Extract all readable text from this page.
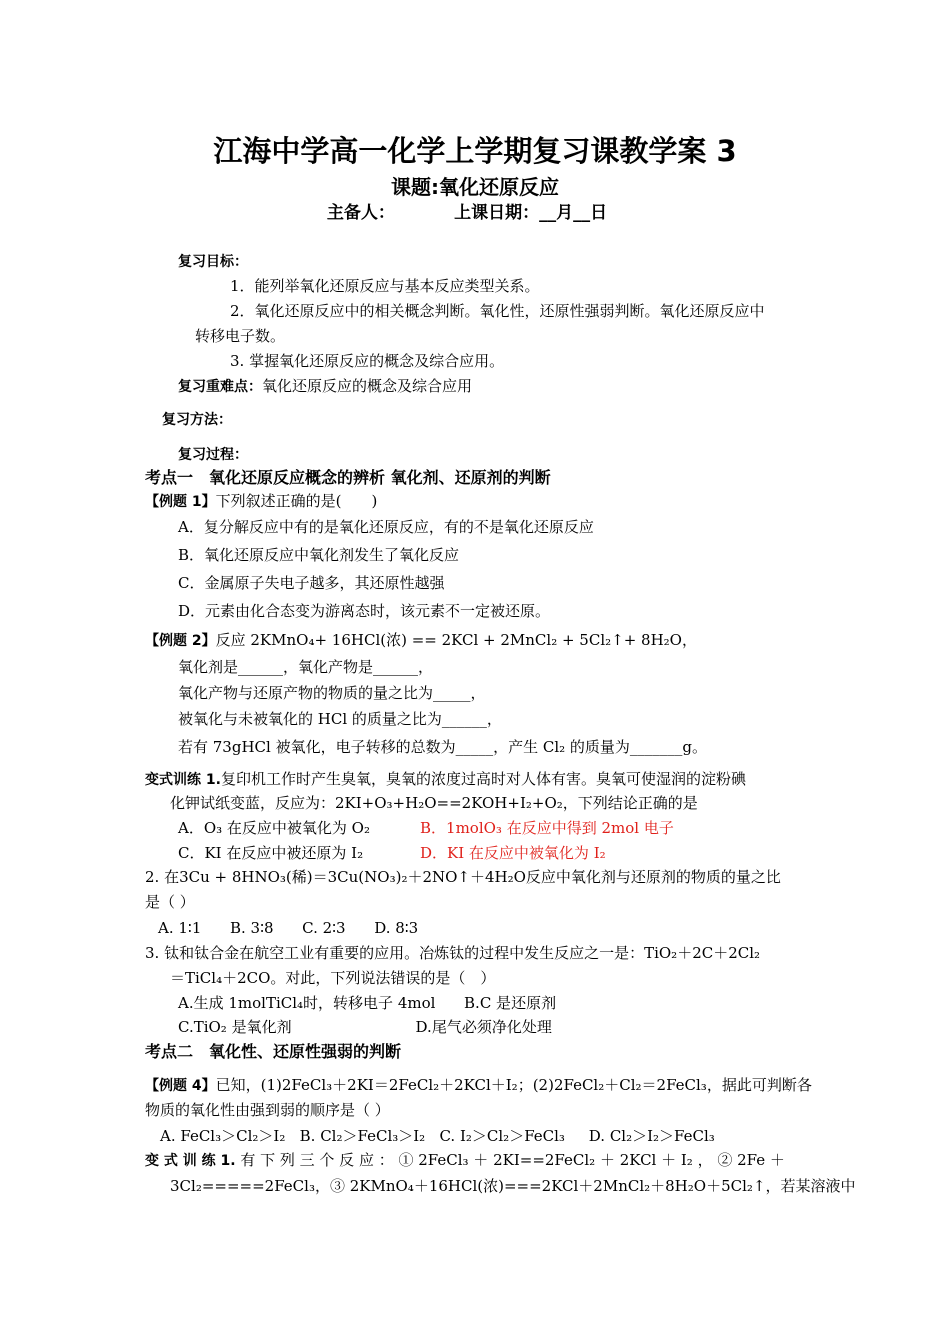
江海中学高一化学上学期复习课教学案 3
课题:氧化还原反应
主备人：          上课日期：__月__日
复习目标：
1．能列举氧化还原反应与基本反应类型关系。
2．氧化还原反应中的相关概念判断。氧化性，还原性强弱判断。氧化还原反应中
转移电子数。
3. 掌握氧化还原反应的概念及综合应用。
复习重难点：氧化还原反应的概念及综合应用
复习方法：
复习过程：
考点一　氧化还原反应概念的辨析 氧化剂、还原剂的判断
【例题 1】下列叙述正确的是(　　)
A．复分解反应中有的是氧化还原反应，有的不是氧化还原反应
B．氧化还原反应中氧化剂发生了氧化反应
C．金属原子失电子越多，其还原性越强
D．元素由化合态变为游离态时，该元素不一定被还原。
【例题 2】反应 2KMnO₄+ 16HCl(浓) == 2KCl + 2MnCl₂ + 5Cl₂↑+ 8H₂O，
氧化剂是______，氧化产物是______，
氧化产物与还原产物的物质的量之比为_____，
被氧化与未被氧化的 HCl 的质量之比为______，
若有 73gHCl 被氧化，电子转移的总数为_____，产生 Cl₂ 的质量为_______g。
变式训练 1.复印机工作时产生臭氧，臭氧的浓度过高时对人体有害。臭氧可使湿润的淀粉碘
化钾试纸变蓝，反应为：2KI+O₃+H₂O==2KOH+I₂+O₂，下列结论正确的是
A．O₃ 在反应中被氧化为 O₂	B．1molO₃ 在反应中得到 2mol 电子
C．KI 在反应中被还原为 I₂	D．KI 在反应中被氧化为 I₂
2. 在3Cu + 8HNO₃(稀)＝3Cu(NO₃)₂＋2NO↑＋4H₂O反应中氧化剂与还原剂的物质的量之比
是（ ）
A. 1∶1      B. 3∶8      C. 2∶3      D. 8∶3
3. 钛和钛合金在航空工业有重要的应用。冶炼钛的过程中发生反应之一是：TiO₂＋2C＋2Cl₂
＝TiCl₄＋2CO。对此，下列说法错误的是（　）
A.生成 1molTiCl₄时，转移电子 4mol      B.C 是还原剂
C.TiO₂ 是氧化剂                          D.尾气必须净化处理
考点二　氧化性、还原性强弱的判断
【例题 4】已知，(1)2FeCl₃＋2KI＝2FeCl₂＋2KCl＋I₂；(2)2FeCl₂＋Cl₂＝2FeCl₃，据此可判断各
物质的氧化性由强到弱的顺序是（ ）
A. FeCl₃＞Cl₂＞I₂   B. Cl₂＞FeCl₃＞I₂   C. I₂＞Cl₂＞FeCl₃     D. Cl₂＞I₂＞FeCl₃
变 式 训 练 1. 有 下 列 三 个 反 应 ： ① 2FeCl₃ ＋ 2KI==2FeCl₂ ＋ 2KCl ＋ I₂ ， ② 2Fe ＋
3Cl₂=====2FeCl₃，③ 2KMnO₄＋16HCl(浓)===2KCl＋2MnCl₂＋8H₂O＋5Cl₂↑，若某溶液中
